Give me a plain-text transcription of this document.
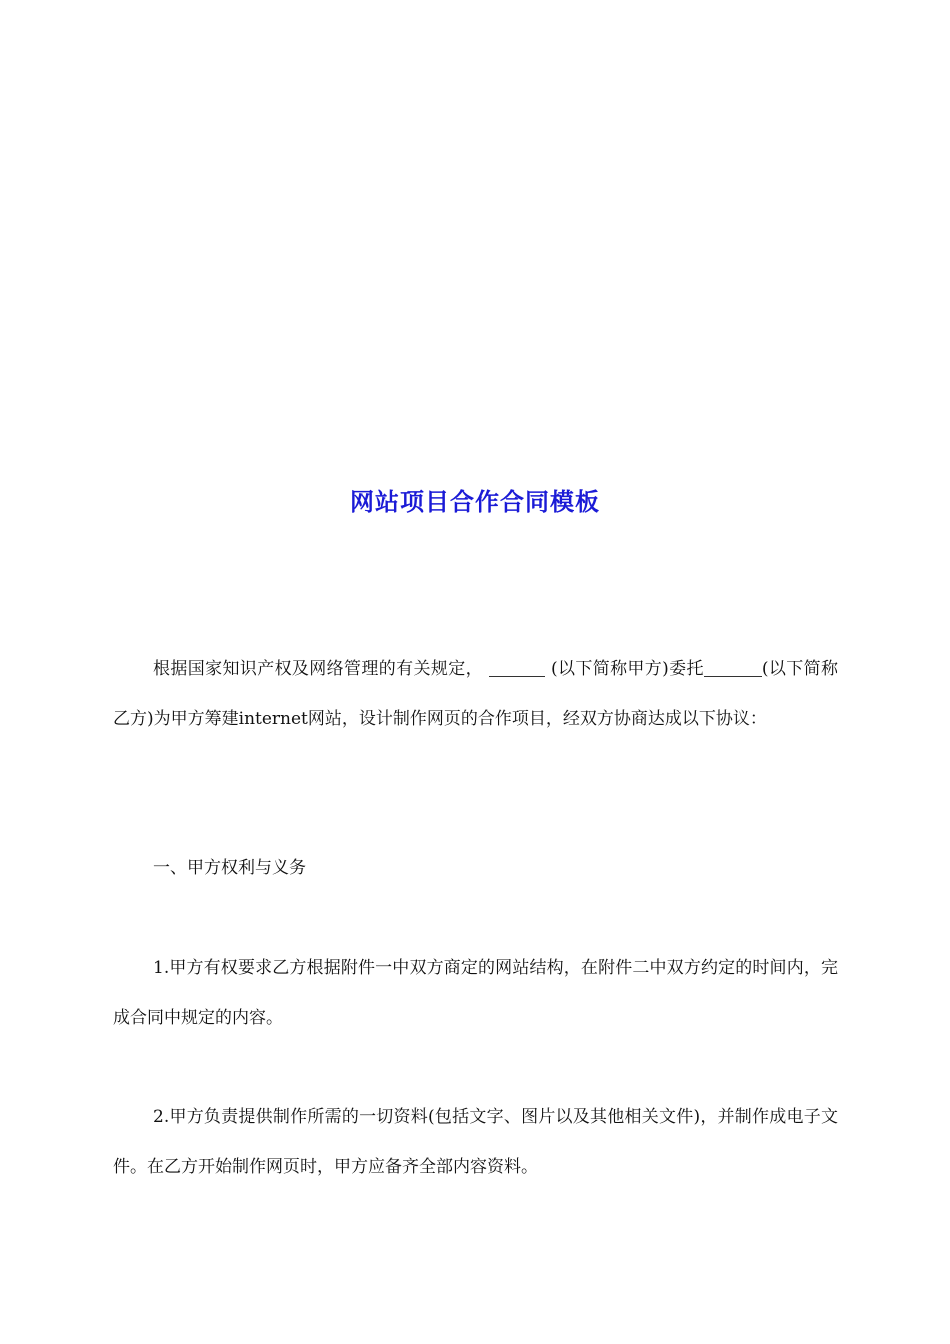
网站项目合作合同模板

根据国家知识产权及网络管理的有关规定，	(以下简称甲方)委托	(以下简称乙方)为甲方筹建internet网站，设计制作网页的合作项目，经双方协商达成以下协议：

一、甲方权利与义务

1.甲方有权要求乙方根据附件一中双方商定的网站结构，在附件二中双方约定的时间内，完成合同中规定的内容。

2.甲方负责提供制作所需的一切资料(包括文字、图片以及其他相关文件)，并制作成电子文件。在乙方开始制作网页时，甲方应备齐全部内容资料。
